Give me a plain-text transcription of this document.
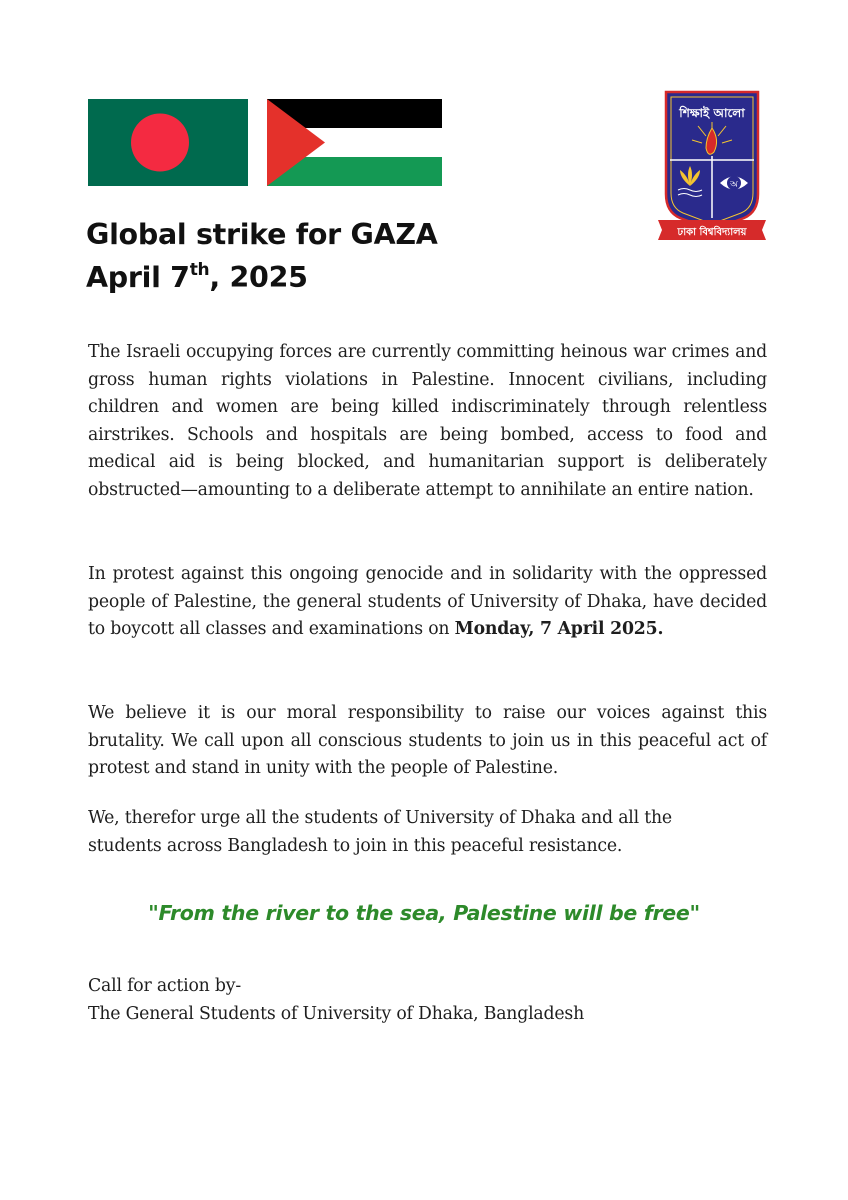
শিক্ষাই আলো
অ
ঢাকা বিশ্ববিদ্যালয়
Global strike for GAZA
April 7th, 2025

The Israeli occupying forces are currently committing heinous war crimes and gross human rights violations in Palestine. Innocent civilians, including children and women are being killed indiscriminately through relentless airstrikes. Schools and hospitals are being bombed, access to food and medical aid is being blocked, and humanitarian support is deliberately obstructed—amounting to a deliberate attempt to annihilate an entire nation.

In protest against this ongoing genocide and in solidarity with the oppressed people of Palestine, the general students of University of Dhaka, have decided to boycott all classes and examinations on Monday, 7 April 2025.

We believe it is our moral responsibility to raise our voices against this brutality. We call upon all conscious students to join us in this peaceful act of protest and stand in unity with the people of Palestine.

We, therefor urge all the students of University of Dhaka and all the
students across Bangladesh to join in this peaceful resistance.

"From the river to the sea, Palestine will be free"

Call for action by-
The General Students of University of Dhaka, Bangladesh
